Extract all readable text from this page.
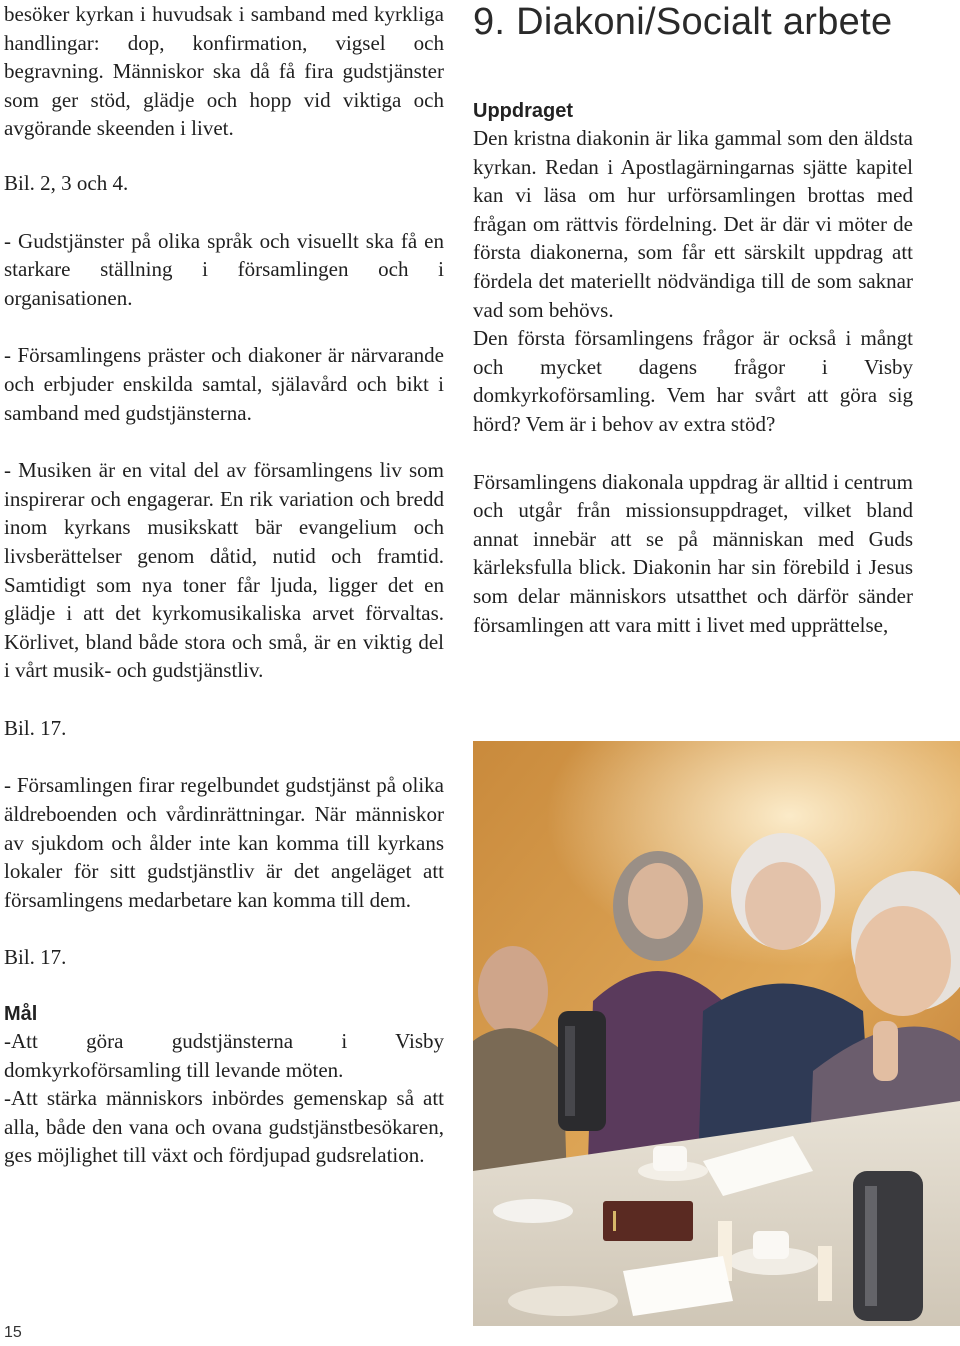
besöker kyrkan i huvudsak i samband med kyrkliga handlingar: dop, konfirmation, vigsel och begravning. Människor ska då få fira gudstjänster som ger stöd, glädje och hopp vid viktiga och avgörande skeenden i livet.

Bil. 2, 3 och 4.

- Gudstjänster på olika språk och visuellt ska få en starkare ställning i församlingen och i organisationen.

- Församlingens präster och diakoner är närvarande och erbjuder enskilda samtal, själavård och bikt i samband med gudstjänsterna.

- Musiken är en vital del av församlingens liv som inspirerar och engagerar. En rik variation och bredd inom kyrkans musikskatt bär evangelium och livsberättelser genom dåtid, nutid och framtid. Samtidigt som nya toner får ljuda, ligger det en glädje i att det kyrkomusikaliska arvet förvaltas. Körlivet, bland både stora och små, är en viktig del i vårt musik- och gudstjänstliv.

Bil. 17.

- Församlingen firar regelbundet gudstjänst på olika äldreboenden och vårdinrättningar. När människor av sjukdom och ålder inte kan komma till kyrkans lokaler för sitt gudstjänstliv är det angeläget att församlingens medarbetare kan komma till dem.

Bil. 17.

Mål

-Att göra gudstjänsterna i Visby domkyrkoförsamling till levande möten.

-Att stärka människors inbördes gemenskap så att alla, både den vana och ovana gudstjänstbesökaren, ges möjlighet till växt och fördjupad gudsrelation.

9. Diakoni/Socialt arbete

Uppdraget

Den kristna diakonin är lika gammal som den äldsta kyrkan. Redan i Apostlagärningarnas sjätte kapitel kan vi läsa om hur urförsamlingen brottas med frågan om rättvis fördelning. Det är där vi möter de första diakonerna, som får ett särskilt uppdrag att fördela det materiellt nödvändiga till de som saknar vad som behövs.

Den första församlingens frågor är också i mångt och mycket dagens frågor i Visby domkyrkoförsamling. Vem har svårt att göra sig hörd? Vem är i behov av extra stöd?

Församlingens diakonala uppdrag är alltid i centrum och utgår från missionsuppdraget, vilket bland annat innebär att se på människan med Guds kärleksfulla blick. Diakonin har sin förebild i Jesus som delar människors utsatthet och därför sänder församlingen att vara mitt i livet med upprättelse,

15
